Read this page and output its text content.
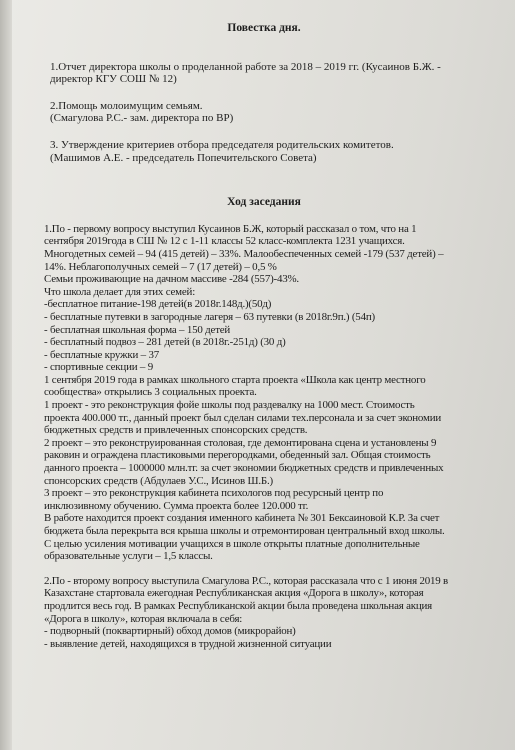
Повестка дня.
1.Отчет директора школы о проделанной работе за 2018 – 2019 гг. (Кусаинов Б.Ж. -
директор КГУ СОШ № 12)
2.Помощь молоимущим семьям.
(Смагулова Р.С.- зам. директора по ВР)
3. Утверждение критериев отбора председателя родительских комитетов.
(Машимов А.Е. - председатель Попечительского Совета)
Ход заседания
1.По - первому вопросу выступил Кусаинов Б.Ж, который рассказал о том, что на 1
сентября 2019года в СШ № 12 с 1-11 классы 52 класс-комплекта 1231 учащихся.
Многодетных семей – 94 (415 детей) – 33%. Малообеспеченных семей -179 (537 детей) –
14%. Неблагополучных семей – 7 (17 детей) – 0,5 %
Семьи проживающие на дачном массиве -284 (557)-43%.
Что школа делает для этих семей:
-бесплатное питание-198 детей(в 2018г.148д.)(50д)
- бесплатные путевки в загородные лагеря – 63 путевки (в 2018г.9п.) (54п)
- бесплатная школьная форма – 150 детей
- бесплатный подвоз – 281 детей (в 2018г.-251д) (30 д)
- бесплатные кружки – 37
- спортивные секции – 9
1 сентября 2019 года в рамках школьного старта проекта «Школа как центр местного
сообщества» открылись 3 социальных проекта.
1 проект - это реконструкция фойе школы под раздевалку на 1000 мест. Стоимость
проекта 400.000 тг., данный проект был сделан силами тех.персонала и за счет экономии
бюджетных средств и привлеченных спонсорских средств.
2 проект – это реконструированная столовая, где демонтирована сцена и установлены 9
раковин и ограждена пластиковыми перегородками, обеденный зал. Общая стоимость
данного проекта – 1000000 млн.тг. за счет экономии бюджетных средств и привлеченных
спонсорских средств (Абдулаев У.С., Исинов Ш.Б.)
3 проект – это реконструкция кабинета психологов под ресурсный центр по
инклюзивному обучению. Сумма проекта более 120.000 тг.
В работе находится проект создания именного кабинета № 301 Бексаиновой К.Р. За счет
бюджета была перекрыта вся крыша школы и отремонтирован центральный вход школы.
С целью усиления мотивации учащихся в школе открыты платные дополнительные
образовательные услуги – 1,5 классы.
2.По - второму вопросу выступила Смагулова Р.С., которая рассказала что с 1 июня 2019 в
Казахстане стартовала ежегодная Республиканская акция «Дорога в школу», которая
продлится весь год. В рамках Республиканской акции была проведена школьная акция
«Дорога в школу», которая включала в себя:
- подворный (поквартирный) обход домов (микрорайон)
- выявление детей, находящихся в трудной жизненной ситуации
